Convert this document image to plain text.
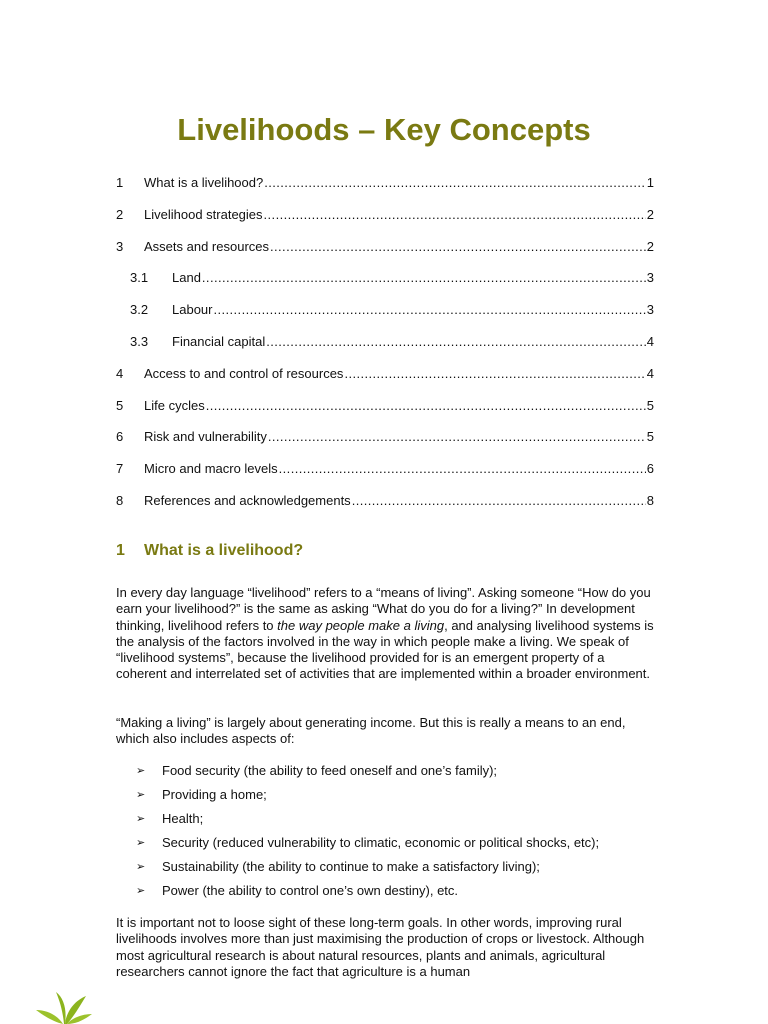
Livelihoods – Key Concepts
1	What is a livelihood? .....	1
2	Livelihood strategies .....	2
3	Assets and resources .....	2
3.1	Land .....	3
3.2	Labour .....	3
3.3	Financial capital .....	4
4	Access to and control of resources .....	4
5	Life cycles .....	5
6	Risk and vulnerability .....	5
7	Micro and macro levels .....	6
8	References and acknowledgements .....	8
1	What is a livelihood?

In every day language “livelihood” refers to a “means of living”. Asking someone “How do you earn your livelihood?” is the same as asking “What do you do for a living?” In development thinking, livelihood refers to the way people make a living, and analysing livelihood systems is the analysis of the factors involved in the way in which people make a living. We speak of “livelihood systems”, because the livelihood provided for is an emergent property of a coherent and interrelated set of activities that are implemented within a broader environment.

“Making a living” is largely about generating income. But this is really a means to an end, which also includes aspects of:

➢	Food security (the ability to feed oneself and one’s family);
➢	Providing a home;
➢	Health;
➢	Security (reduced vulnerability to climatic, economic or political shocks, etc);
➢	Sustainability (the ability to continue to make a satisfactory living);
➢	Power (the ability to control one’s own destiny), etc.

It is important not to loose sight of these long-term goals. In other words, improving rural livelihoods involves more than just maximising the production of crops or livestock. Although most agricultural research is about natural resources, plants and animals, agricultural researchers cannot ignore the fact that agriculture is a human
